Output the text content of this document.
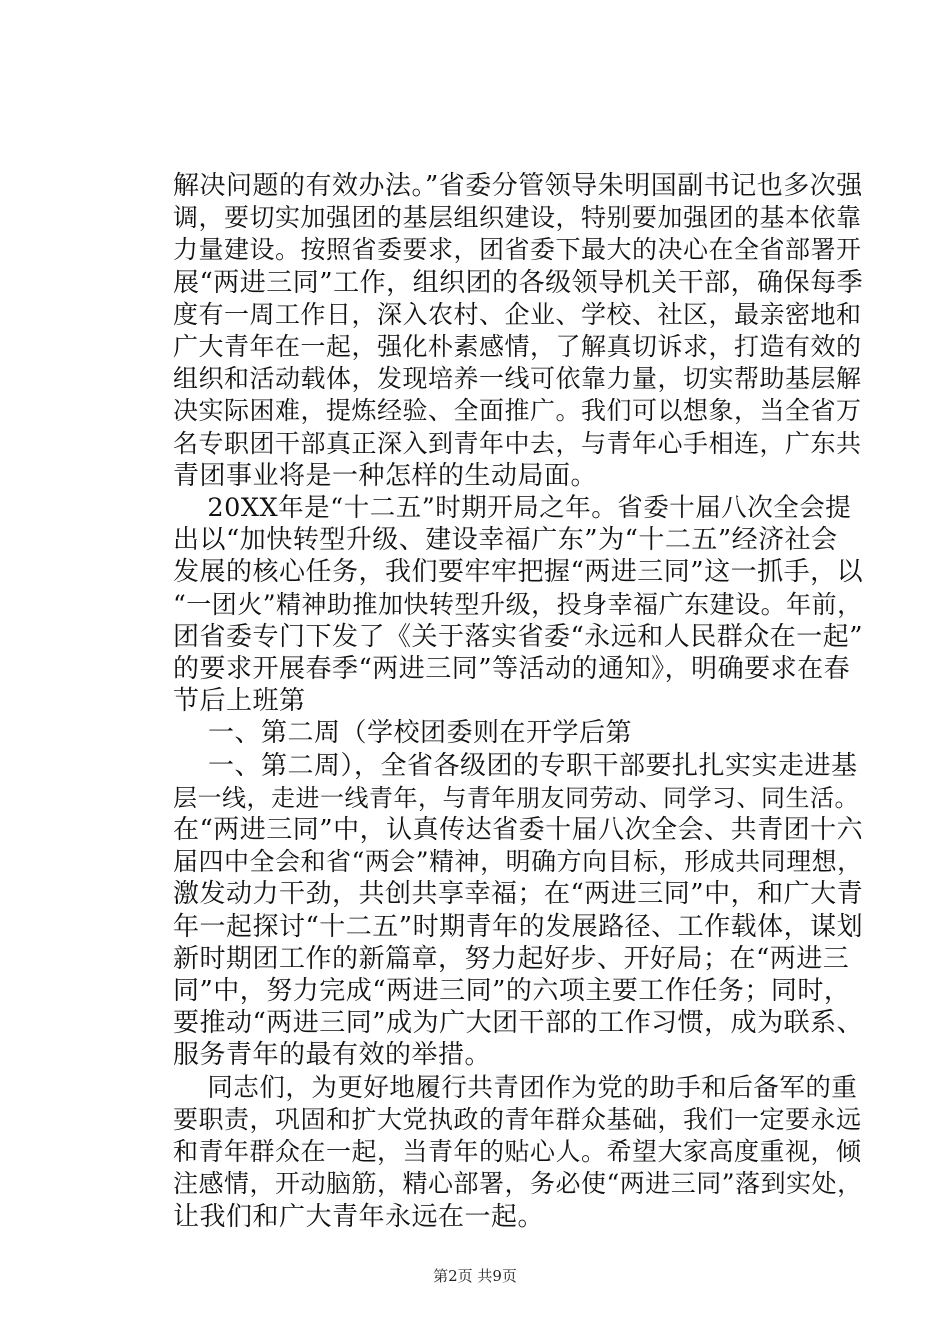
解决问题的有效办法。”省委分管领导朱明国副书记也多次强
调，要切实加强团的基层组织建设，特别要加强团的基本依靠
力量建设。按照省委要求，团省委下最大的决心在全省部署开
展“两进三同”工作，组织团的各级领导机关干部，确保每季
度有一周工作日，深入农村、企业、学校、社区，最亲密地和
广大青年在一起，强化朴素感情，了解真切诉求，打造有效的
组织和活动载体，发现培养一线可依靠力量，切实帮助基层解
决实际困难，提炼经验、全面推广。我们可以想象，当全省万
名专职团干部真正深入到青年中去，与青年心手相连，广东共
青团事业将是一种怎样的生动局面。
20XX年是“十二五”时期开局之年。省委十届八次全会提
出以“加快转型升级、建设幸福广东”为“十二五”经济社会
发展的核心任务，我们要牢牢把握“两进三同”这一抓手，以
“一团火”精神助推加快转型升级，投身幸福广东建设。年前，
团省委专门下发了《关于落实省委“永远和人民群众在一起”
的要求开展春季“两进三同”等活动的通知》，明确要求在春
节后上班第
一、第二周（学校团委则在开学后第
一、第二周），全省各级团的专职干部要扎扎实实走进基
层一线，走进一线青年，与青年朋友同劳动、同学习、同生活。
在“两进三同”中，认真传达省委十届八次全会、共青团十六
届四中全会和省“两会”精神，明确方向目标，形成共同理想，
激发动力干劲，共创共享幸福；在“两进三同”中，和广大青
年一起探讨“十二五”时期青年的发展路径、工作载体，谋划
新时期团工作的新篇章，努力起好步、开好局；在“两进三
同”中，努力完成“两进三同”的六项主要工作任务；同时，
要推动“两进三同”成为广大团干部的工作习惯，成为联系、
服务青年的最有效的举措。
同志们，为更好地履行共青团作为党的助手和后备军的重
要职责，巩固和扩大党执政的青年群众基础，我们一定要永远
和青年群众在一起，当青年的贴心人。希望大家高度重视，倾
注感情，开动脑筋，精心部署，务必使“两进三同”落到实处，
让我们和广大青年永远在一起。
第2页 共9页
